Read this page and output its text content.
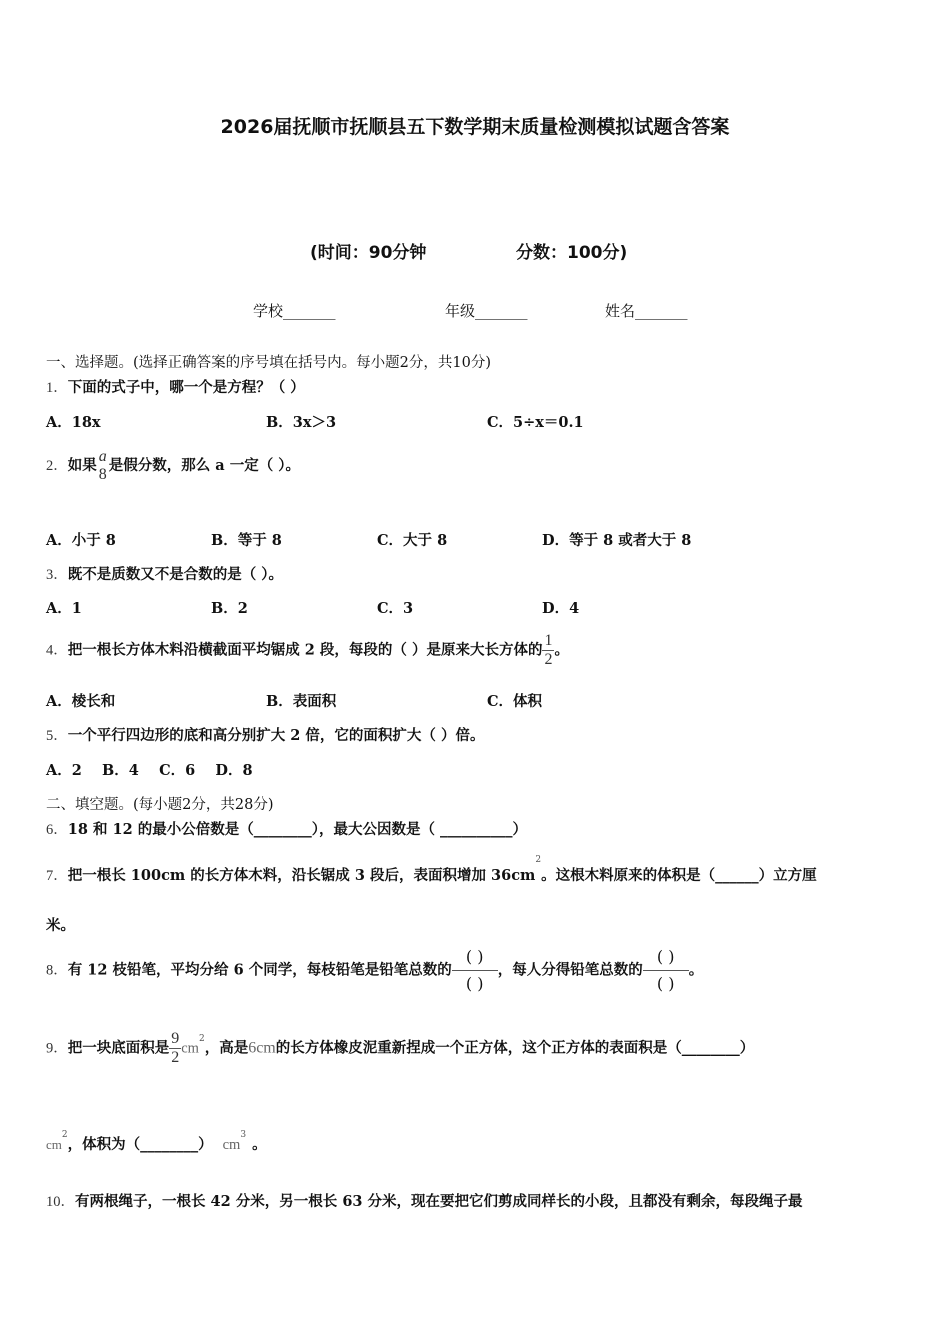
2026届抚顺市抚顺县五下数学期末质量检测模拟试题含答案
(时间：90分钟	分数：100分)
学校_______	年级_______	姓名_______
一、选择题。(选择正确答案的序号填在括号内。每小题2分，共10分)
1．下面的式子中，哪一个是方程？（ ）
A．18x	B．3x＞3	C．5÷x＝0.1
2．如果
a
8
是假分数，那么 a 一定（ ）。
A．小于 8	B．等于 8	C．大于 8	D．等于 8 或者大于 8
3．既不是质数又不是合数的是（ ）。
A．1	B．2	C．3	D．4
4．把一根长方体木料沿横截面平均锯成 2 段，每段的（ ）是原来大长方体的 $\frac{1}{2}$ 。
A．棱长和	B．表面积	C．体积
5．一个平行四边形的底和高分别扩大 2 倍，它的面积扩大（ ）倍。
A．2    B．4    C．6    D．8
二、填空题。(每小题2分，共28分)
6．18 和 12 的最小公倍数是（________），最大公因数是（ __________）
7．把一根长 100cm 的长方体木料，沿长锯成 3 段后，表面积增加 $36cm^2$。这根木料原来的体积是（______）立方厘
米。
8．有 12 枝铅笔，平均分给 6 个同学，每枝铅笔是铅笔总数的
( )
( )，每人分得铅笔总数的
( )
( )。
9．把一块底面积是 $\frac{9}{2} cm^2$，高是6cm的长方体橡皮泥重新捏成一个正方体，这个正方体的表面积是（________）
$cm^2$，体积为（________） $cm^3$。
10．有两根绳子，一根长 42 分米，另一根长 63 分米，现在要把它们剪成同样长的小段，且都没有剩余，每段绳子最
